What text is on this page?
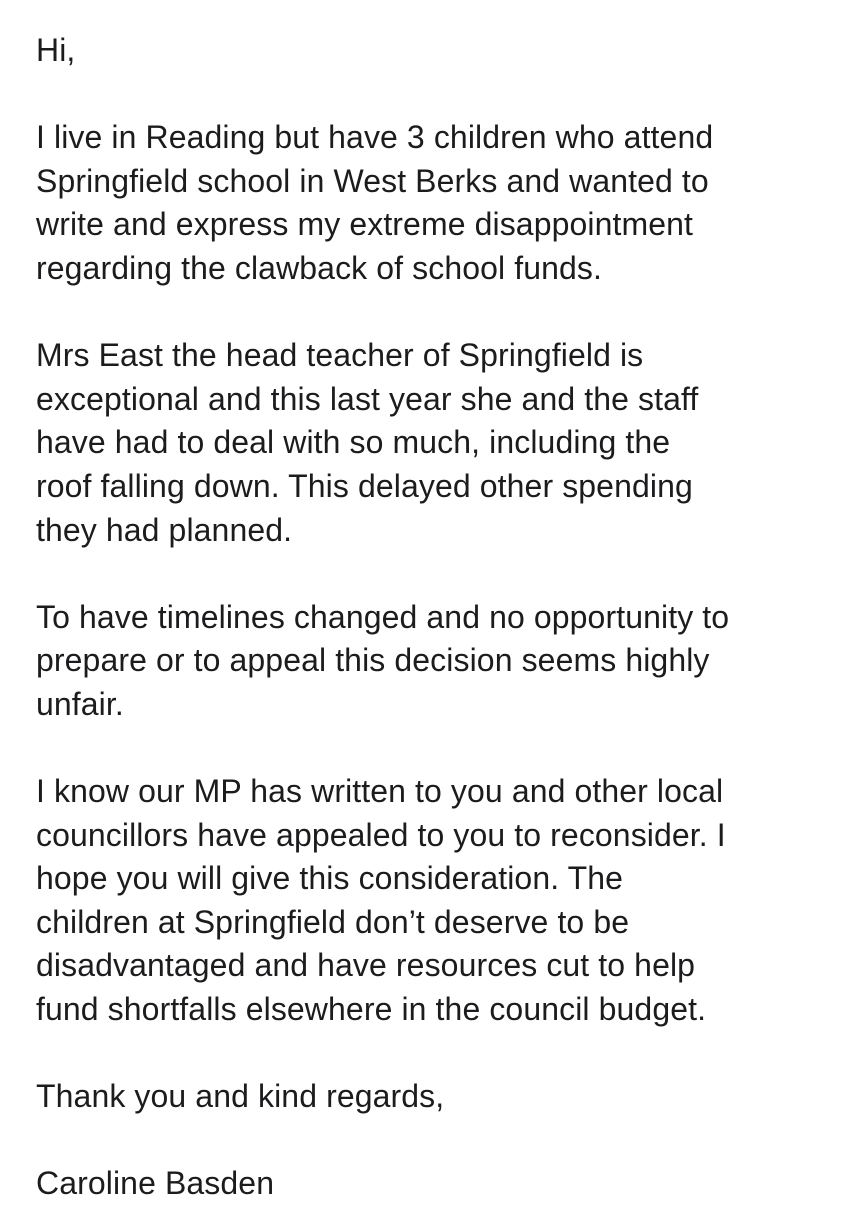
Hi,

I live in Reading but have 3 children who attend
Springfield school in West Berks and wanted to
write and express my extreme disappointment
regarding the clawback of school funds.

Mrs East the head teacher of Springfield is
exceptional and this last year she and the staff
have had to deal with so much, including the
roof falling down. This delayed other spending
they had planned.

To have timelines changed and no opportunity to
prepare or to appeal this decision seems highly
unfair.

I know our MP has written to you and other local
councillors have appealed to you to reconsider. I
hope you will give this consideration. The
children at Springfield don’t deserve to be
disadvantaged and have resources cut to help
fund shortfalls elsewhere in the council budget.

Thank you and kind regards,

Caroline Basden
